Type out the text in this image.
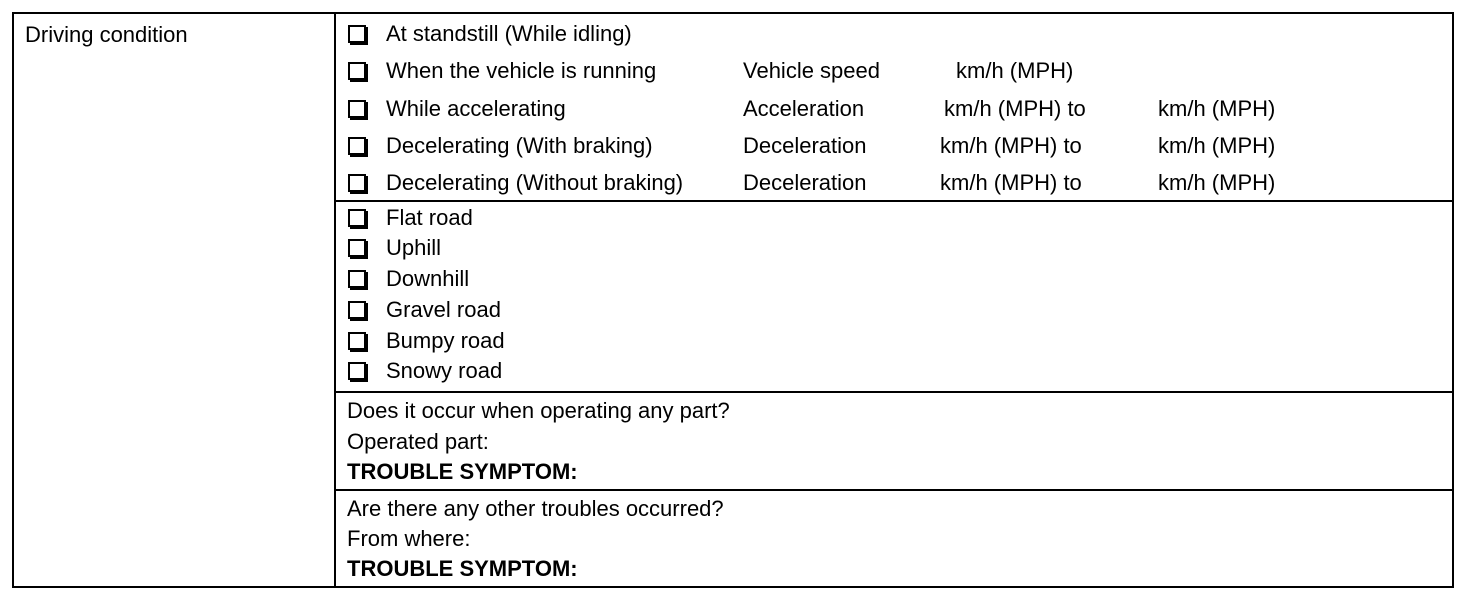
Driving condition	At standstill (While idling)
When the vehicle is running	Vehicle speed	km/h (MPH)
While accelerating	Acceleration	km/h (MPH) to	km/h (MPH)
Decelerating (With braking)	Deceleration	km/h (MPH) to	km/h (MPH)
Decelerating (Without braking)	Deceleration	km/h (MPH) to	km/h (MPH)
Flat road
Uphill
Downhill
Gravel road
Bumpy road
Snowy road
Does it occur when operating any part?
Operated part:
TROUBLE SYMPTOM:
Are there any other troubles occurred?
From where:
TROUBLE SYMPTOM:
